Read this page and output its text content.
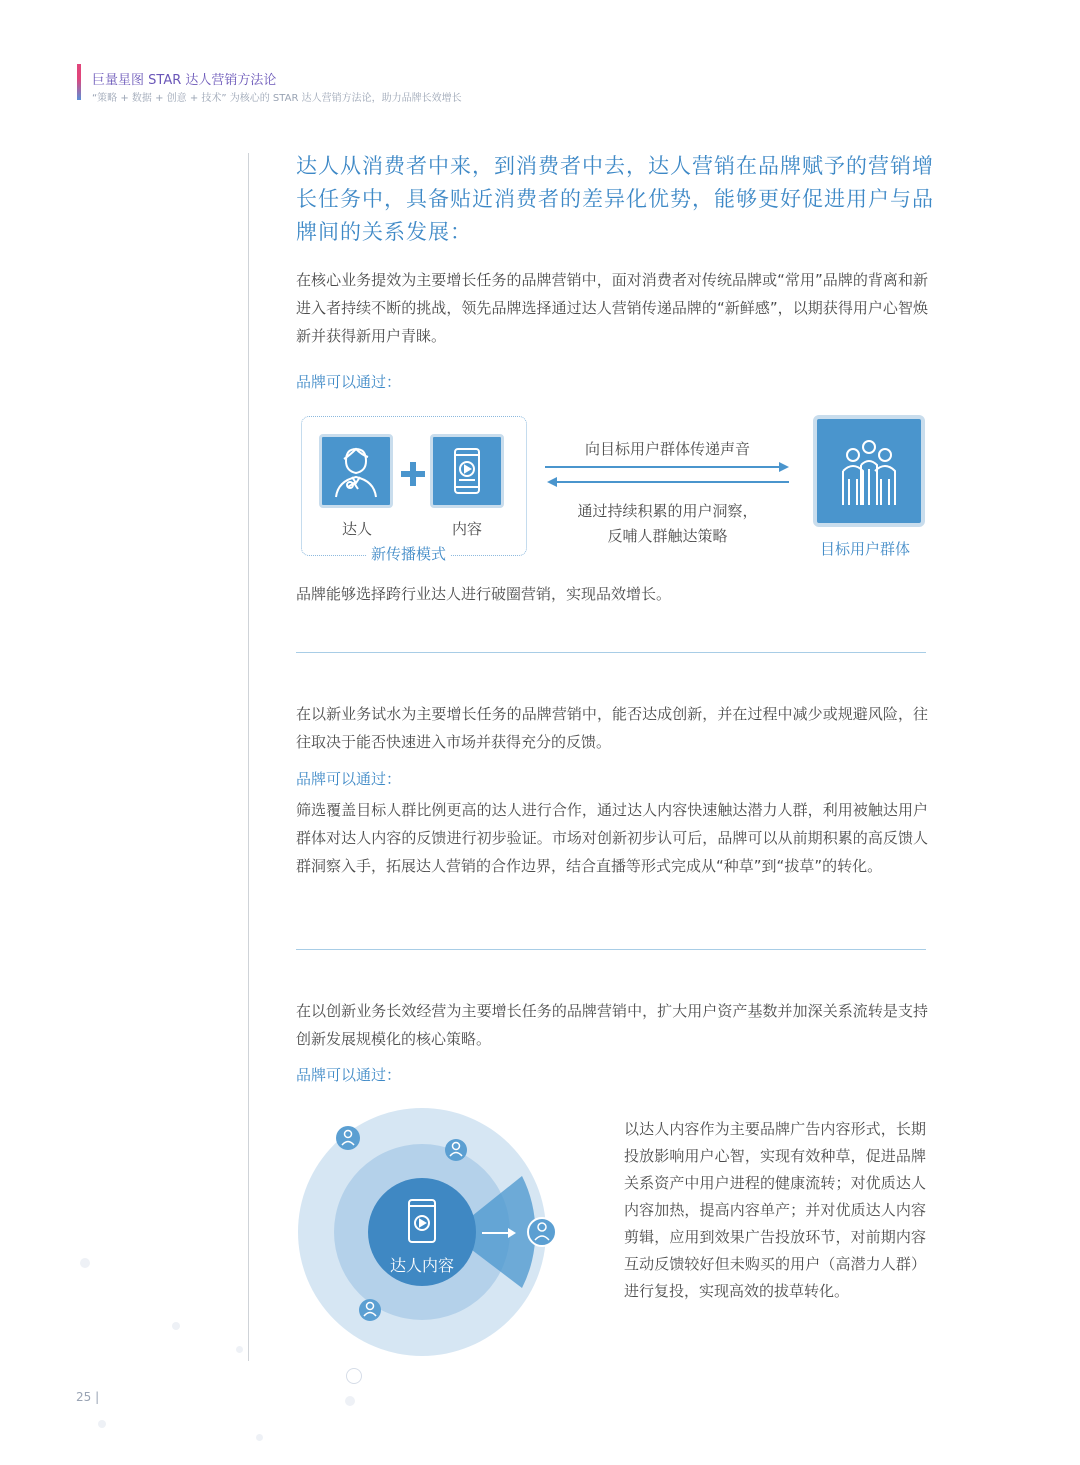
巨量星图 STAR 达人营销方法论
“策略 + 数据 + 创意 + 技术” 为核心的 STAR 达人营销方法论，助力品牌长效增长
达人从消费者中来，到消费者中去，达人营销在品牌赋予的营销增长任务中，具备贴近消费者的差异化优势，能够更好促进用户与品牌间的关系发展：
在核心业务提效为主要增长任务的品牌营销中，面对消费者对传统品牌或“常用”品牌的背离和新进入者持续不断的挑战，领先品牌选择通过达人营销传递品牌的“新鲜感”，以期获得用户心智焕新并获得新用户青睐。
品牌可以通过：
达人	内容
新传播模式
向目标用户群体传递声音
通过持续积累的用户洞察，
反哺人群触达策略
目标用户群体
品牌能够选择跨行业达人进行破圈营销，实现品效增长。
在以新业务试水为主要增长任务的品牌营销中，能否达成创新，并在过程中减少或规避风险，往往取决于能否快速进入市场并获得充分的反馈。
品牌可以通过：
筛选覆盖目标人群比例更高的达人进行合作，通过达人内容快速触达潜力人群，利用被触达用户群体对达人内容的反馈进行初步验证。市场对创新初步认可后，品牌可以从前期积累的高反馈人群洞察入手，拓展达人营销的合作边界，结合直播等形式完成从“种草”到“拔草”的转化。
在以创新业务长效经营为主要增长任务的品牌营销中，扩大用户资产基数并加深关系流转是支持创新发展规模化的核心策略。
品牌可以通过：
达人内容
以达人内容作为主要品牌广告内容形式，长期投放影响用户心智，实现有效种草，促进品牌关系资产中用户进程的健康流转；对优质达人内容加热，提高内容单产；并对优质达人内容剪辑，应用到效果广告投放环节，对前期内容互动反馈较好但未购买的用户（高潜力人群）进行复投，实现高效的拔草转化。
25 |
